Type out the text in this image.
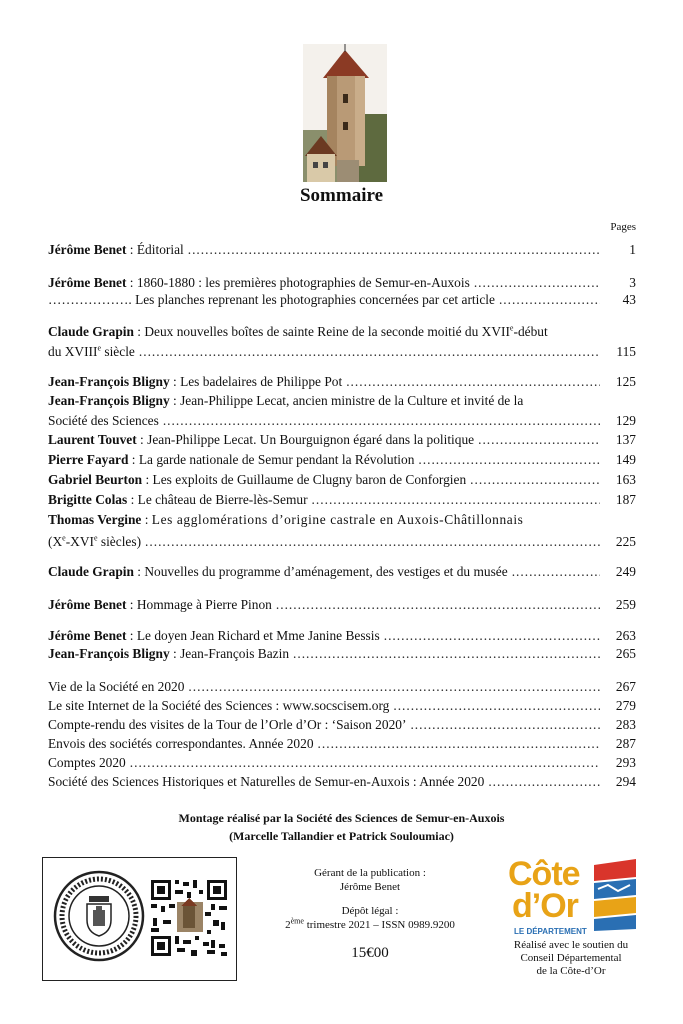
Sommaire
Pages
Jérôme Benet : Éditorial .....	1
Jérôme Benet : 1860-1880 : les premières photographies de Semur-en-Auxois .....	3
………………. Les planches reprenant les photographies concernées par cet article .....	43
Claude Grapin : Deux nouvelles boîtes de sainte Reine de la seconde moitié du XVIIe-début
du XVIIIe siècle .....	115
Jean-François Bligny : Les badelaires de Philippe Pot .....	125
Jean-François Bligny : Jean-Philippe Lecat, ancien ministre de la Culture et invité de la
Société des Sciences .....	129
Laurent Touvet : Jean-Philippe Lecat. Un Bourguignon égaré dans la politique .....	137
Pierre Fayard : La garde nationale de Semur pendant la Révolution .....	149
Gabriel Beurton : Les exploits de Guillaume de Clugny baron de Conforgien .....	163
Brigitte Colas : Le château de Bierre-lès-Semur .....	187
Thomas Vergine : Les agglomérations d’origine castrale en Auxois-Châtillonnais
(Xe-XVIe siècles) .....	225
Claude Grapin : Nouvelles du programme d’aménagement, des vestiges et du musée .....	249
Jérôme Benet : Hommage à Pierre Pinon .....	259
Jérôme Benet : Le doyen Jean Richard et Mme Janine Bessis .....	263
Jean-François Bligny : Jean-François Bazin .....	265
Vie de la Société en 2020 .....	267
Le site Internet de la Société des Sciences : www.socscisem.org .....	279
Compte-rendu des visites de la Tour de l’Orle d’Or : ‘Saison 2020’ .....	283
Envois des sociétés correspondantes. Année 2020 .....	287
Comptes 2020 .....	293
Société des Sciences Historiques et Naturelles de Semur-en-Auxois : Année 2020 .....	294
Montage réalisé par la Société des Sciences de Semur-en-Auxois
(Marcelle Tallandier et Patrick Souloumiac)
Gérant de la publication :
Jérôme Benet
Dépôt légal :
2ème trimestre 2021 – ISSN 0989.9200
15€00
Côte
d’Or
LE DÉPARTEMENT
Réalisé avec le soutien du
Conseil Départemental
de la Côte-d’Or
